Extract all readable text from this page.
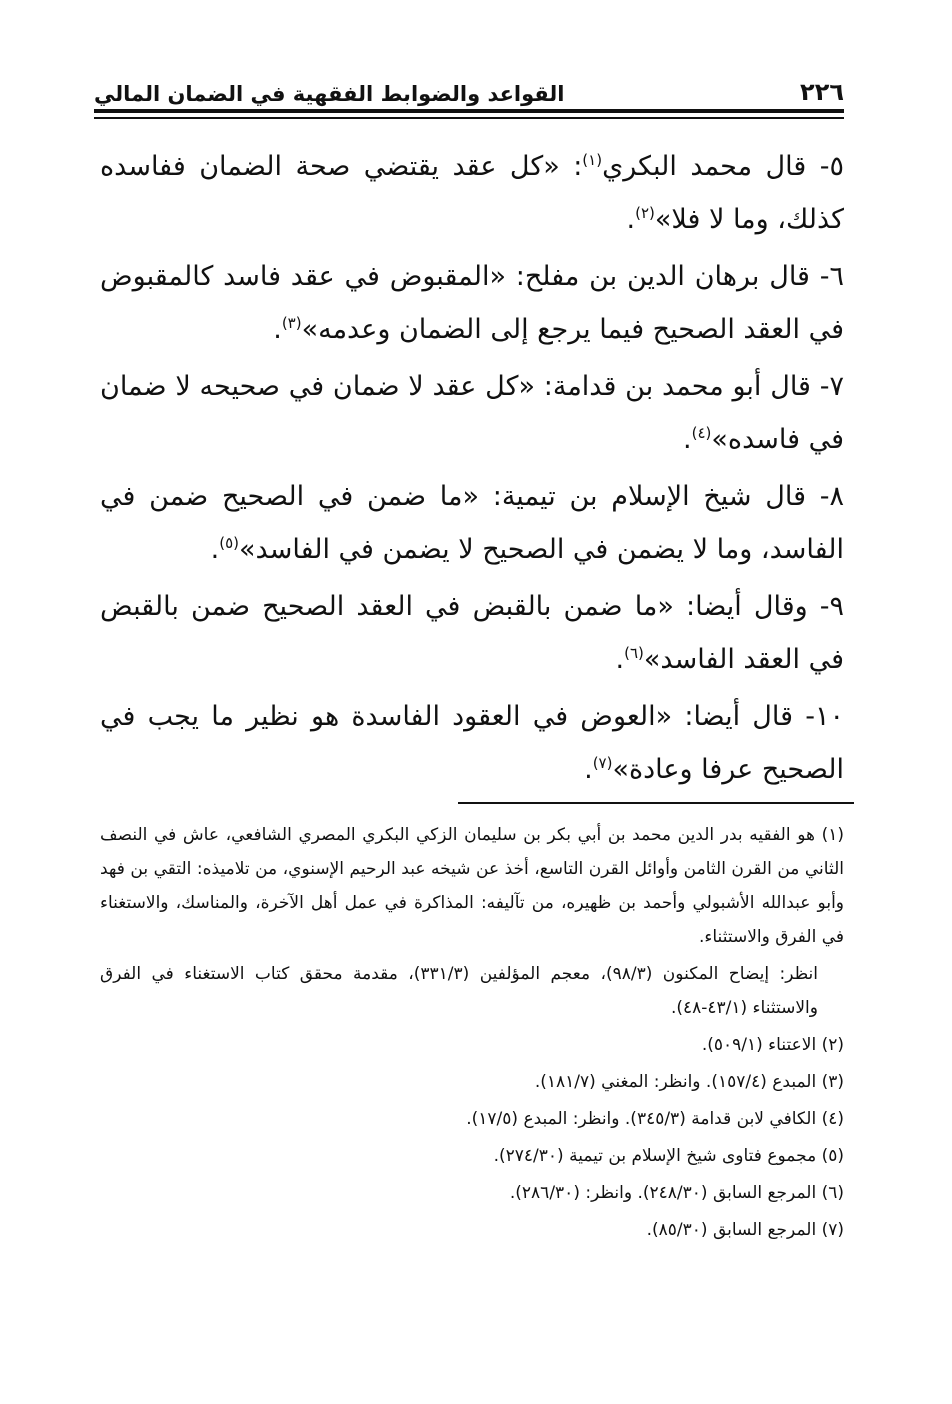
٢٢٦
القواعد والضوابط الفقهية في الضمان المالي

٥- قال محمد البكري$^{(١)}$: «كل عقد يقتضي صحة الضمان ففاسده كذلك، وما لا فلا»$^{(٢)}$.

٦- قال برهان الدين بن مفلح: «المقبوض في عقد فاسد كالمقبوض في العقد الصحيح فيما يرجع إلى الضمان وعدمه»$^{(٣)}$.

٧- قال أبو محمد بن قدامة: «كل عقد لا ضمان في صحيحه لا ضمان في فاسده»$^{(٤)}$.

٨- قال شيخ الإسلام بن تيمية: «ما ضمن في الصحيح ضمن في الفاسد، وما لا يضمن في الصحيح لا يضمن في الفاسد»$^{(٥)}$.

٩- وقال أيضا: «ما ضمن بالقبض في العقد الصحيح ضمن بالقبض في العقد الفاسد»$^{(٦)}$.

١٠- قال أيضا: «العوض في العقود الفاسدة هو نظير ما يجب في الصحيح عرفا وعادة»$^{(٧)}$.

(١) هو الفقيه بدر الدين محمد بن أبي بكر بن سليمان الزكي البكري المصري الشافعي، عاش في النصف الثاني من القرن الثامن وأوائل القرن التاسع، أخذ عن شيخه عبد الرحيم الإسنوي، من تلاميذه: التقي بن فهد وأبو عبدالله الأشبولي وأحمد بن ظهيره، من تآليفه: المذاكرة في عمل أهل الآخرة، والمناسك، والاستغناء في الفرق والاستثناء.

انظر: إيضاح المكنون (٩٨/٣)، معجم المؤلفين (٣٣١/٣)، مقدمة محقق كتاب الاستغناء في الفرق والاستثناء (٤٣/١-٤٨).

(٢) الاعتناء (٥٠٩/١).

(٣) المبدع (١٥٧/٤). وانظر: المغني (١٨١/٧).

(٤) الكافي لابن قدامة (٣٤٥/٣). وانظر: المبدع (١٧/٥).

(٥) مجموع فتاوى شيخ الإسلام بن تيمية (٢٧٤/٣٠).

(٦) المرجع السابق (٢٤٨/٣٠). وانظر: (٢٨٦/٣٠).

(٧) المرجع السابق (٨٥/٣٠).
